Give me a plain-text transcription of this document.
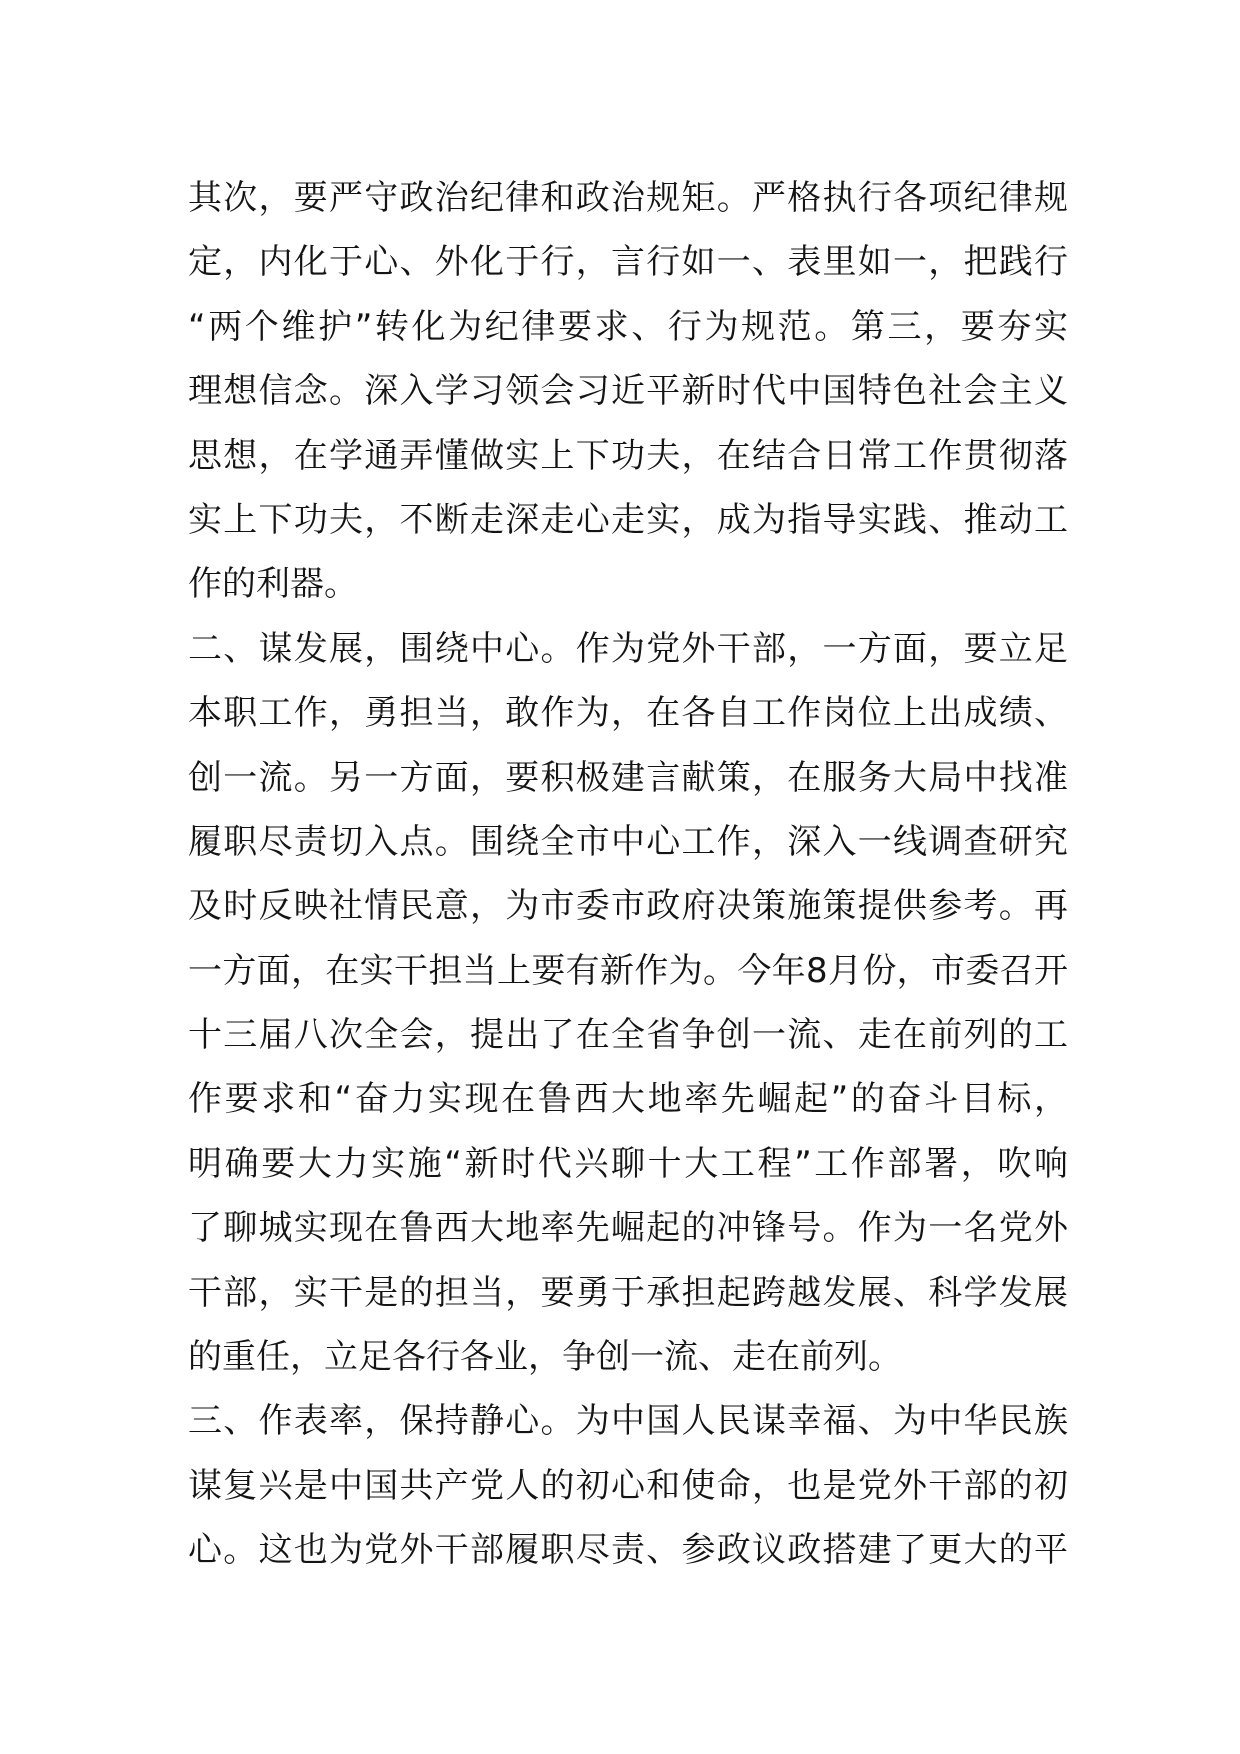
其次，要严守政治纪律和政治规矩。严格执行各项纪律规
定，内化于心、外化于行，言行如一、表里如一，把践行
“两个维护”转化为纪律要求、行为规范。第三，要夯实
理想信念。深入学习领会习近平新时代中国特色社会主义
思想，在学通弄懂做实上下功夫，在结合日常工作贯彻落
实上下功夫，不断走深走心走实，成为指导实践、推动工
作的利器。
二、谋发展，围绕中心。作为党外干部，一方面，要立足
本职工作，勇担当，敢作为，在各自工作岗位上出成绩、
创一流。另一方面，要积极建言献策，在服务大局中找准
履职尽责切入点。围绕全市中心工作，深入一线调查研究
及时反映社情民意，为市委市政府决策施策提供参考。再
一方面，在实干担当上要有新作为。今年8月份，市委召开
十三届八次全会，提出了在全省争创一流、走在前列的工
作要求和“奋力实现在鲁西大地率先崛起”的奋斗目标，
明确要大力实施“新时代兴聊十大工程”工作部署，吹响
了聊城实现在鲁西大地率先崛起的冲锋号。作为一名党外
干部，实干是的担当，要勇于承担起跨越发展、科学发展
的重任，立足各行各业，争创一流、走在前列。
三、作表率，保持静心。为中国人民谋幸福、为中华民族
谋复兴是中国共产党人的初心和使命，也是党外干部的初
心。这也为党外干部履职尽责、参政议政搭建了更大的平
